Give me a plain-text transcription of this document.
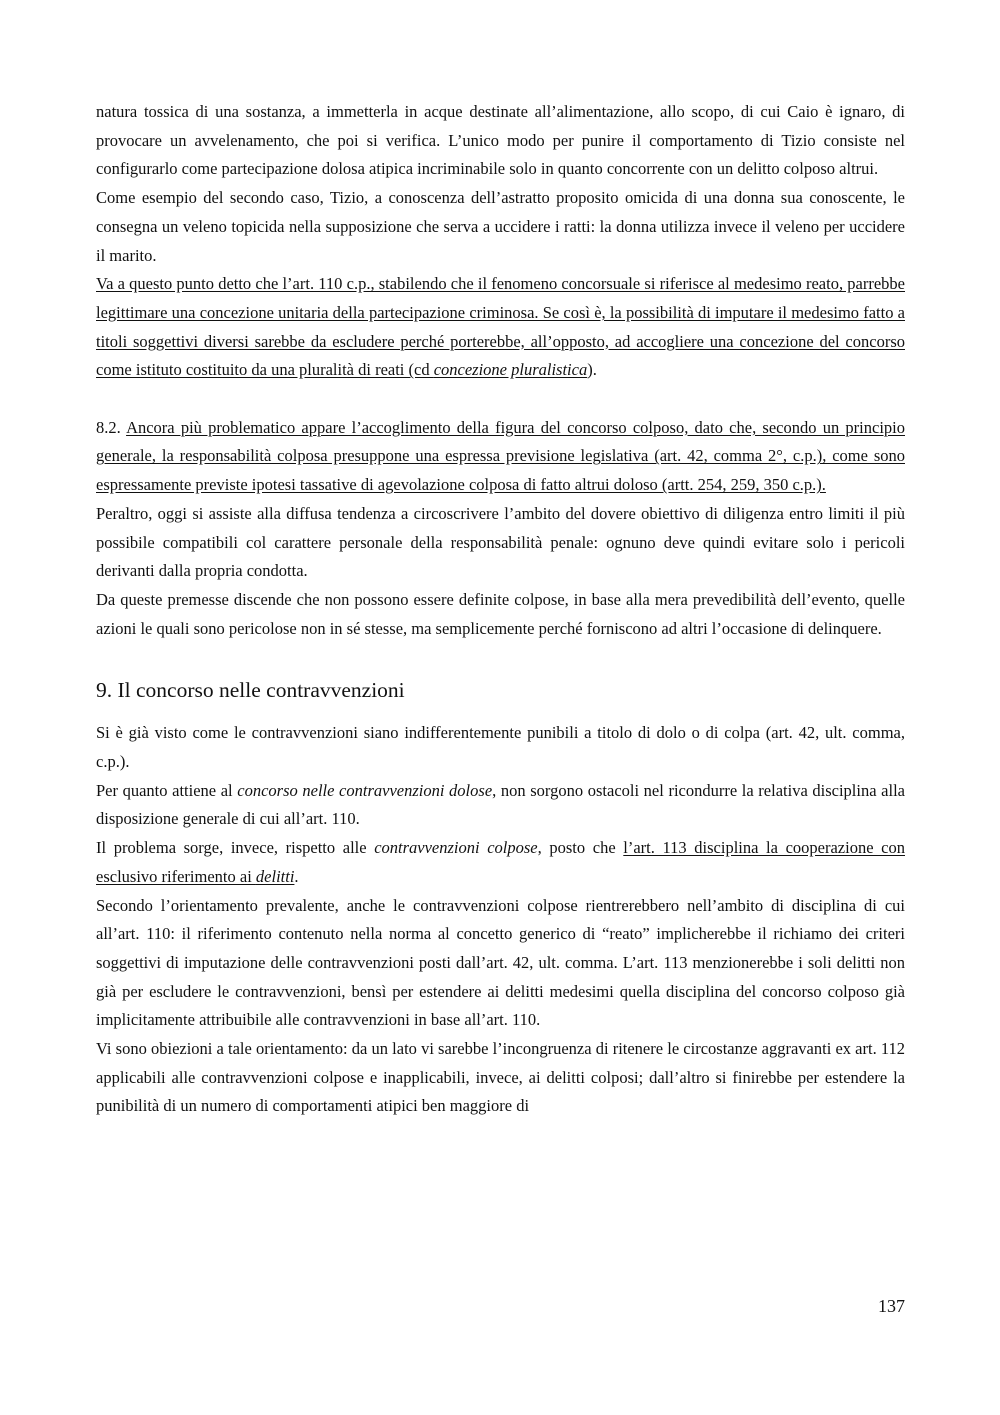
natura tossica di una sostanza, a immetterla in acque destinate all’alimentazione, allo scopo, di cui Caio è ignaro, di provocare un avvelenamento, che poi si verifica. L’unico modo per punire il comportamento di Tizio consiste nel configurarlo come partecipazione dolosa atipica incriminabile solo in quanto concorrente con un delitto colposo altrui.

Come esempio del secondo caso, Tizio, a conoscenza dell’astratto proposito omicida di una donna sua conoscente, le consegna un veleno topicida nella supposizione che serva a uccidere i ratti: la donna utilizza invece il veleno per uccidere il marito.

Va a questo punto detto che l’art. 110 c.p., stabilendo che il fenomeno concorsuale si riferisce al medesimo reato, parrebbe legittimare una concezione unitaria della partecipazione criminosa. Se così è, la possibilità di imputare il medesimo fatto a titoli soggettivi diversi sarebbe da escludere perché porterebbe, all’opposto, ad accogliere una concezione del concorso come istituto costituito da una pluralità di reati (cd concezione pluralistica).

8.2. Ancora più problematico appare l’accoglimento della figura del concorso colposo, dato che, secondo un principio generale, la responsabilità colposa presuppone una espressa previsione legislativa (art. 42, comma 2°, c.p.), come sono espressamente previste ipotesi tassative di agevolazione colposa di fatto altrui doloso (artt. 254, 259, 350 c.p.).

Peraltro, oggi si assiste alla diffusa tendenza a circoscrivere l’ambito del dovere obiettivo di diligenza entro limiti il più possibile compatibili col carattere personale della responsabilità penale: ognuno deve quindi evitare solo i pericoli derivanti dalla propria condotta.

Da queste premesse discende che non possono essere definite colpose, in base alla mera prevedibilità dell’evento, quelle azioni le quali sono pericolose non in sé stesse, ma semplicemente perché forniscono ad altri l’occasione di delinquere.

9. Il concorso nelle contravvenzioni

Si è già visto come le contravvenzioni siano indifferentemente punibili a titolo di dolo o di colpa (art. 42, ult. comma, c.p.).

Per quanto attiene al concorso nelle contravvenzioni dolose, non sorgono ostacoli nel ricondurre la relativa disciplina alla disposizione generale di cui all’art. 110.

Il problema sorge, invece, rispetto alle contravvenzioni colpose, posto che l’art. 113 disciplina la cooperazione con esclusivo riferimento ai delitti.

Secondo l’orientamento prevalente, anche le contravvenzioni colpose rientrerebbero nell’ambito di disciplina di cui all’art. 110: il riferimento contenuto nella norma al concetto generico di “reato” implicherebbe il richiamo dei criteri soggettivi di imputazione delle contravvenzioni posti dall’art. 42, ult. comma. L’art. 113 menzionerebbe i soli delitti non già per escludere le contravvenzioni, bensì per estendere ai delitti medesimi quella disciplina del concorso colposo già implicitamente attribuibile alle contravvenzioni in base all’art. 110.

Vi sono obiezioni a tale orientamento: da un lato vi sarebbe l’incongruenza di ritenere le circostanze aggravanti ex art. 112 applicabili alle contravvenzioni colpose e inapplicabili, invece, ai delitti colposi; dall’altro si finirebbe per estendere la punibilità di un numero di comportamenti atipici ben maggiore di

137
